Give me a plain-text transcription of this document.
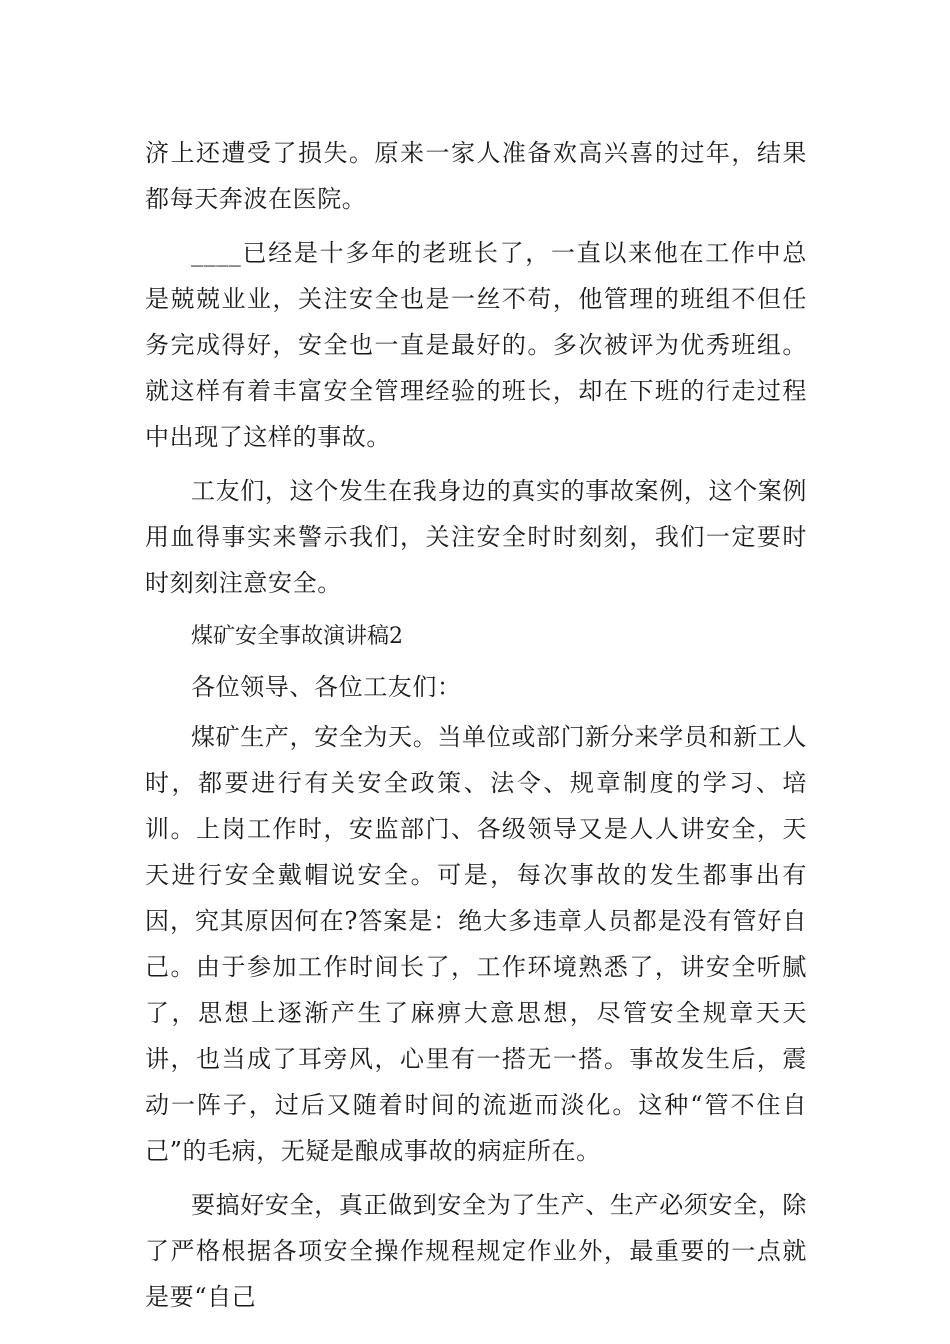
济上还遭受了损失。原来一家人准备欢高兴喜的过年，结果都每天奔波在医院。

____已经是十多年的老班长了，一直以来他在工作中总是兢兢业业，关注安全也是一丝不苟，他管理的班组不但任务完成得好，安全也一直是最好的。多次被评为优秀班组。就这样有着丰富安全管理经验的班长，却在下班的行走过程中出现了这样的事故。

工友们，这个发生在我身边的真实的事故案例，这个案例用血得事实来警示我们，关注安全时时刻刻，我们一定要时时刻刻注意安全。

煤矿安全事故演讲稿2

各位领导、各位工友们：

煤矿生产，安全为天。当单位或部门新分来学员和新工人时，都要进行有关安全政策、法令、规章制度的学习、培训。上岗工作时，安监部门、各级领导又是人人讲安全，天天进行安全戴帽说安全。可是，每次事故的发生都事出有因，究其原因何在?答案是：绝大多违章人员都是没有管好自己。由于参加工作时间长了，工作环境熟悉了，讲安全听腻了，思想上逐渐产生了麻痹大意思想，尽管安全规章天天讲，也当成了耳旁风，心里有一搭无一搭。事故发生后，震动一阵子，过后又随着时间的流逝而淡化。这种“管不住自己”的毛病，无疑是酿成事故的病症所在。

要搞好安全，真正做到安全为了生产、生产必须安全，除了严格根据各项安全操作规程规定作业外，最重要的一点就是要“自己
